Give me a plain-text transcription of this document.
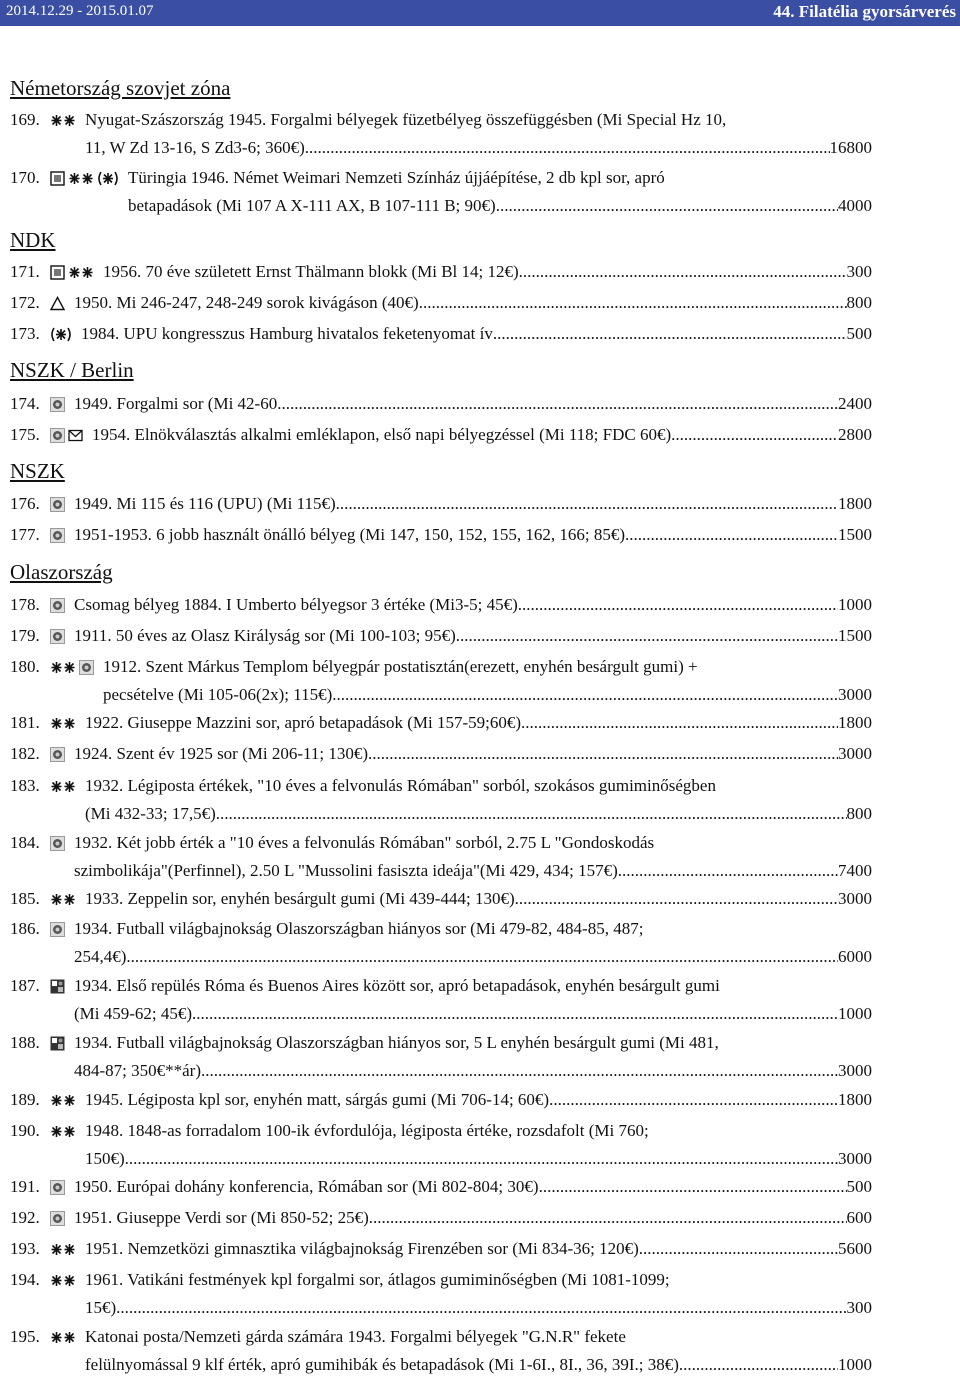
2014.12.29 - 2015.01.07	44. Filatélia gyorsárverés
Németország szovjet zóna
169.	Nyugat-Szászország 1945. Forgalmi bélyegek füzetbélyeg összefüggésben (Mi Special Hz 10,
11, W Zd 13-16, S Zd3-6; 360€) .....	16800
170.	Türingia 1946. Német Weimari Nemzeti Színház újjáépítése, 2 db kpl sor, apró
betapadások (Mi 107 A X-111 AX, B 107-111 B; 90€) .....	4000
NDK
171.	1956. 70 éve született Ernst Thälmann blokk (Mi Bl 14; 12€) .....	300
172. 1950. Mi 246-247, 248-249 sorok kivágáson (40€) .....	800
173. 1984. UPU kongresszus Hamburg hivatalos feketenyomat ív .....	500
NSZK / Berlin
174. 1949. Forgalmi sor (Mi 42-60 .....	2400
175.	1954. Elnökválasztás alkalmi emléklapon, első napi bélyegzéssel (Mi 118; FDC 60€) .....	2800
NSZK
176. 1949. Mi 115 és 116 (UPU) (Mi 115€) .....	1800
177. 1951-1953. 6 jobb használt önálló bélyeg (Mi 147, 150, 152, 155, 162, 166; 85€) .....	1500
Olaszország
178. Csomag bélyeg 1884. I Umberto bélyegsor 3 értéke (Mi3-5; 45€) .....	1000
179. 1911. 50 éves az Olasz Királyság sor (Mi 100-103; 95€) .....	1500
180.	1912. Szent Márkus Templom bélyegpár postatisztán(erezett, enyhén besárgult gumi) +
pecsételve (Mi 105-06(2x); 115€) .....	3000
181.	1922. Giuseppe Mazzini sor, apró betapadások (Mi 157-59;60€) .....	1800
182. 1924. Szent év 1925 sor (Mi 206-11; 130€) .....	3000
183.	1932. Légiposta értékek, "10 éves a felvonulás Rómában" sorból, szokásos gumiminőségben
(Mi 432-33; 17,5€) .....	800
184. 1932. Két jobb érték a "10 éves a felvonulás Rómában" sorból, 2.75 L "Gondoskodás
szimbolikája"(Perfinnel), 2.50 L "Mussolini fasiszta ideája"(Mi 429, 434; 157€) .....	7400
185.	1933. Zeppelin sor, enyhén besárgult gumi (Mi 439-444; 130€) .....	3000
186. 1934. Futball világbajnokság Olaszországban hiányos sor (Mi 479-82, 484-85, 487;
254,4€).... .....	6000
187. 1934. Első repülés Róma és Buenos Aires között sor, apró betapadások, enyhén besárgult gumi
(Mi 459-62; 45€) .....	1000
188. 1934. Futball világbajnokság Olaszországban hiányos sor, 5 L enyhén besárgult gumi (Mi 481,
484-87; 350€**ár) .....	3000
189.	1945. Légiposta kpl sor, enyhén matt, sárgás gumi (Mi 706-14; 60€) .....	1800
190.	1948. 1848-as forradalom 100-ik évfordulója, légiposta értéke, rozsdafolt (Mi 760;
150€).... .....	3000
191. 1950. Európai dohány konferencia, Rómában sor (Mi 802-804; 30€) .....	500
192. 1951. Giuseppe Verdi sor (Mi 850-52; 25€) .....	600
193.	1951. Nemzetközi gimnasztika világbajnokság Firenzében sor (Mi 834-36; 120€) .....	5600
194.	1961. Vatikáni festmények kpl forgalmi sor, átlagos gumiminőségben (Mi 1081-1099;
15€).... .....	300
195.	Katonai posta/Nemzeti gárda számára 1943. Forgalmi bélyegek "G.N.R" fekete
felülnyomással 9 klf érték, apró gumihibák és betapadások (Mi 1-6I., 8I., 36, 39I.; 38€) .....	1000
